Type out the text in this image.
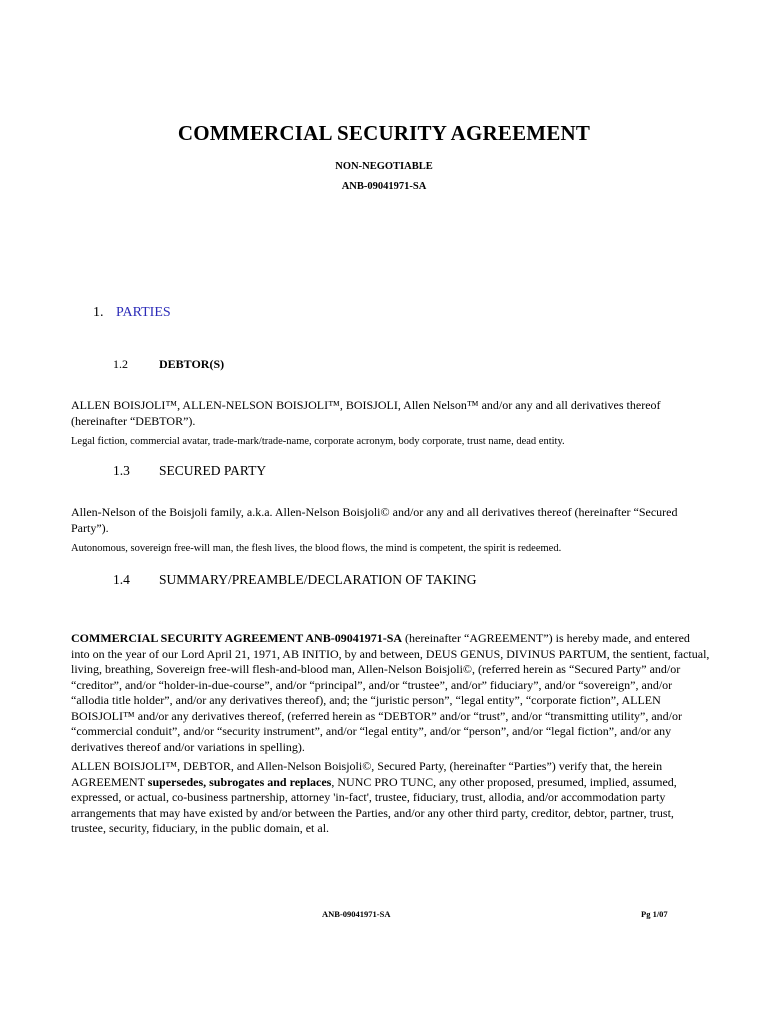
COMMERCIAL SECURITY AGREEMENT
NON-NEGOTIABLE
ANB-09041971-SA
1. PARTIES
1.2	DEBTOR(S)
ALLEN BOISJOLI™, ALLEN-NELSON BOISJOLI™, BOISJOLI, Allen Nelson™ and/or any and all derivatives thereof (hereinafter “DEBTOR”).
Legal fiction, commercial avatar, trade-mark/trade-name, corporate acronym, body corporate, trust name, dead entity.
1.3 SECURED PARTY
Allen-Nelson of the Boisjoli family, a.k.a. Allen-Nelson Boisjoli© and/or any and all derivatives thereof (hereinafter “Secured Party”).
Autonomous, sovereign free-will man, the flesh lives, the blood flows, the mind is competent, the spirit is redeemed.
1.4 SUMMARY/PREAMBLE/DECLARATION OF TAKING
COMMERCIAL SECURITY AGREEMENT ANB-09041971-SA (hereinafter “AGREEMENT”) is hereby made, and entered into on the year of our Lord April 21, 1971, AB INITIO, by and between, DEUS GENUS, DIVINUS PARTUM, the sentient, factual, living, breathing, Sovereign free-will flesh-and-blood man, Allen-Nelson Boisjoli©, (referred herein as “Secured Party” and/or “creditor”, and/or “holder-in-due-course”, and/or “principal”, and/or “trustee”, and/or” fiduciary”, and/or “sovereign”, and/or “allodia title holder”, and/or any derivatives thereof), and; the “juristic person”, “legal entity”, “corporate fiction”, ALLEN BOISJOLI™ and/or any derivatives thereof, (referred herein as “DEBTOR” and/or “trust”, and/or “transmitting utility”, and/or “commercial conduit”, and/or “security instrument”, and/or “legal entity”, and/or “person”, and/or “legal fiction”, and/or any derivatives thereof and/or variations in spelling).
ALLEN BOISJOLI™, DEBTOR, and Allen-Nelson Boisjoli©, Secured Party, (hereinafter “Parties”) verify that, the herein AGREEMENT supersedes, subrogates and replaces, NUNC PRO TUNC, any other proposed, presumed, implied, assumed, expressed, or actual, co-business partnership, attorney 'in-fact', trustee, fiduciary, trust, allodia, and/or accommodation party arrangements that may have existed by and/or between the Parties, and/or any other third party, creditor, debtor, partner, trust, trustee, security, fiduciary, in the public domain, et al.
ANB-09041971-SA	Pg 1/07
